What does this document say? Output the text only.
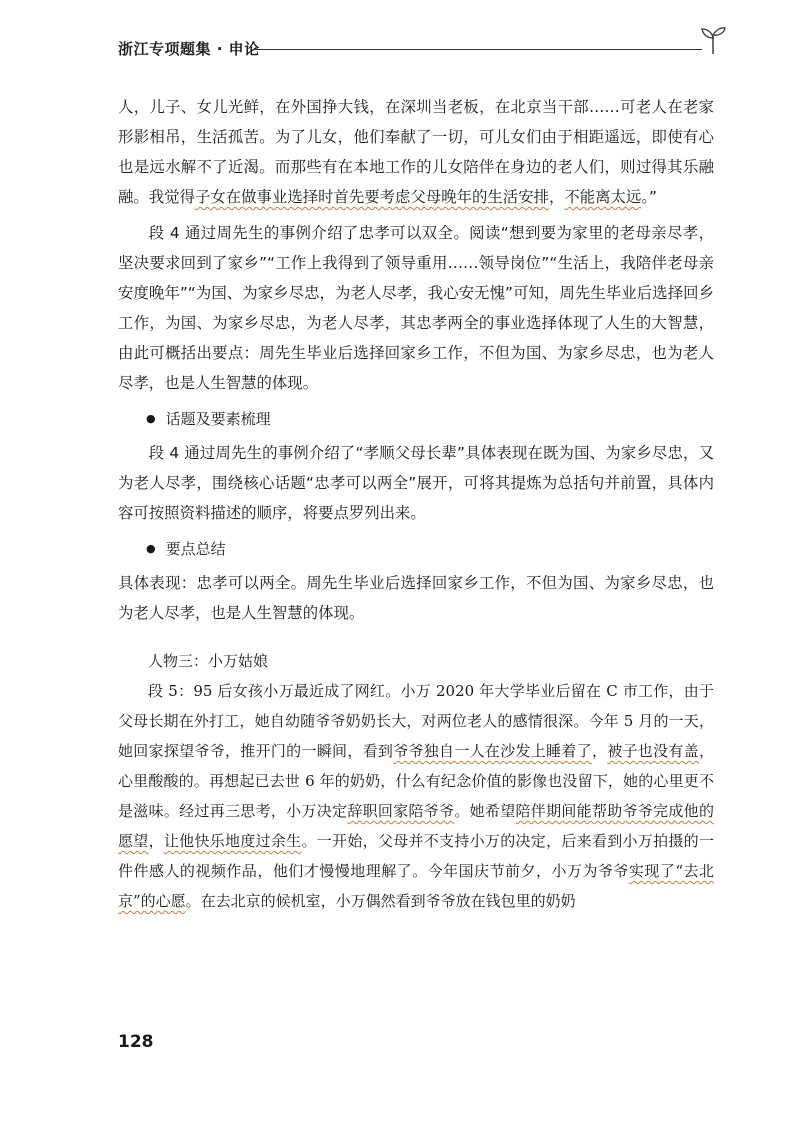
浙江专项题集 · 申论

人，儿子、女儿光鲜，在外国挣大钱，在深圳当老板，在北京当干部……可老人在老家形影相吊，生活孤苦。为了儿女，他们奉献了一切，可儿女们由于相距遥远，即使有心也是远水解不了近渴。而那些有在本地工作的儿女陪伴在身边的老人们，则过得其乐融融。我觉得子女在做事业选择时首先要考虑父母晚年的生活安排，不能离太远。”

段 4 通过周先生的事例介绍了忠孝可以双全。阅读“想到要为家里的老母亲尽孝，坚决要求回到了家乡”“工作上我得到了领导重用……领导岗位”“生活上，我陪伴老母亲安度晚年”“为国、为家乡尽忠，为老人尽孝，我心安无愧”可知，周先生毕业后选择回乡工作，为国、为家乡尽忠，为老人尽孝，其忠孝两全的事业选择体现了人生的大智慧，由此可概括出要点：周先生毕业后选择回家乡工作，不但为国、为家乡尽忠，也为老人尽孝，也是人生智慧的体现。

● 话题及要素梳理

段 4 通过周先生的事例介绍了“孝顺父母长辈”具体表现在既为国、为家乡尽忠，又为老人尽孝，围绕核心话题“忠孝可以两全”展开，可将其提炼为总括句并前置，具体内容可按照资料描述的顺序，将要点罗列出来。

● 要点总结

具体表现：忠孝可以两全。周先生毕业后选择回家乡工作，不但为国、为家乡尽忠，也为老人尽孝，也是人生智慧的体现。

人物三：小万姑娘

段 5：95 后女孩小万最近成了网红。小万 2020 年大学毕业后留在 C 市工作，由于父母长期在外打工，她自幼随爷爷奶奶长大，对两位老人的感情很深。今年 5 月的一天，她回家探望爷爷，推开门的一瞬间，看到爷爷独自一人在沙发上睡着了，被子也没有盖，心里酸酸的。再想起已去世 6 年的奶奶，什么有纪念价值的影像也没留下，她的心里更不是滋味。经过再三思考，小万决定辞职回家陪爷爷。她希望陪伴期间能帮助爷爷完成他的愿望，让他快乐地度过余生。一开始，父母并不支持小万的决定，后来看到小万拍摄的一件件感人的视频作品，他们才慢慢地理解了。今年国庆节前夕，小万为爷爷实现了“去北京”的心愿。在去北京的候机室，小万偶然看到爷爷放在钱包里的奶奶

128
